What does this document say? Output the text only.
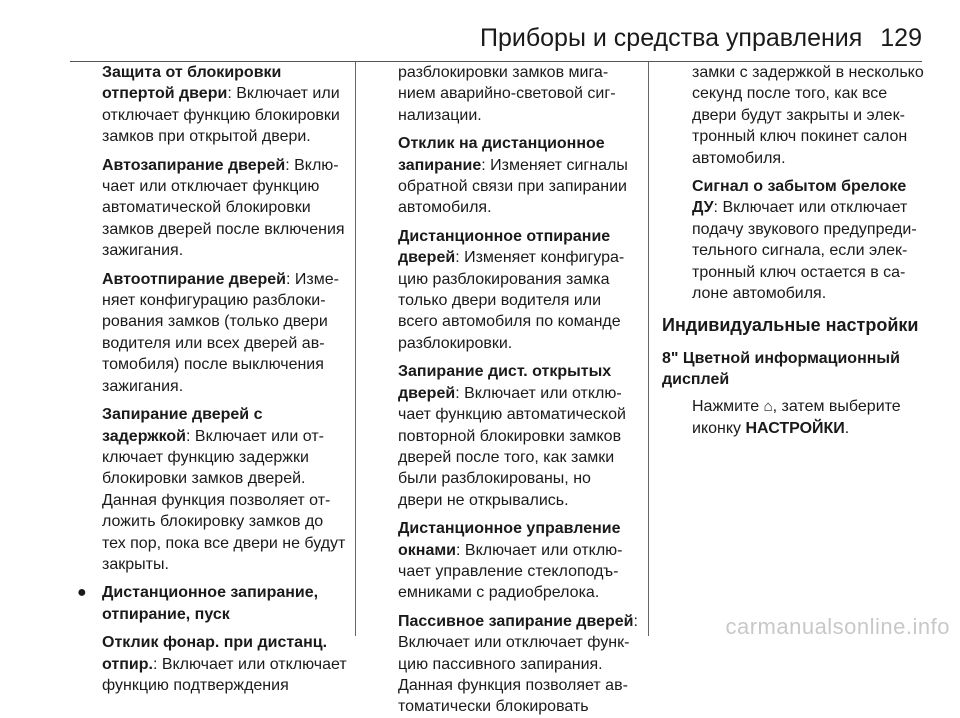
Приборы и средства управления 129

Защита от блокировки отпертой двери: Включает или отключает функцию блокировки замков при открытой двери.

Автозапирание дверей: Включает или отключает функцию автоматической блокировки замков дверей после включения зажигания.

Автоотпирание дверей: Изменяет конфигурацию разблокирования замков (только двери водителя или всех дверей автомобиля) после выключения зажигания.

Запирание дверей с задержкой: Включает или отключает функцию задержки блокировки замков дверей. Данная функция позволяет отложить блокировку замков до тех пор, пока все двери не будут закрыты.

● Дистанционное запирание, отпирание, пуск

Отклик фонар. при дистанц. отпир.: Включает или отключает функцию подтверждения

разблокировки замков миганием аварийно-световой сигнализации.

Отклик на дистанционное запирание: Изменяет сигналы обратной связи при запирании автомобиля.

Дистанционное отпирание дверей: Изменяет конфигурацию разблокирования замка только двери водителя или всего автомобиля по команде разблокировки.

Запирание дист. открытых дверей: Включает или отключает функцию автоматической повторной блокировки замков дверей после того, как замки были разблокированы, но двери не открывались.

Дистанционное управление окнами: Включает или отключает управление стеклоподъемниками с радиобрелока.

Пассивное запирание дверей: Включает или отключает функцию пассивного запирания. Данная функция позволяет автоматически блокировать

замки с задержкой в несколько секунд после того, как все двери будут закрыты и электронный ключ покинет салон автомобиля.

Сигнал о забытом брелоке ДУ: Включает или отключает подачу звукового предупредительного сигнала, если электронный ключ остается в салоне автомобиля.

Индивидуальные настройки
8" Цветной информационный дисплей

Нажмите ⌂, затем выберите иконку НАСТРОЙКИ.

carmanualsonline.info
